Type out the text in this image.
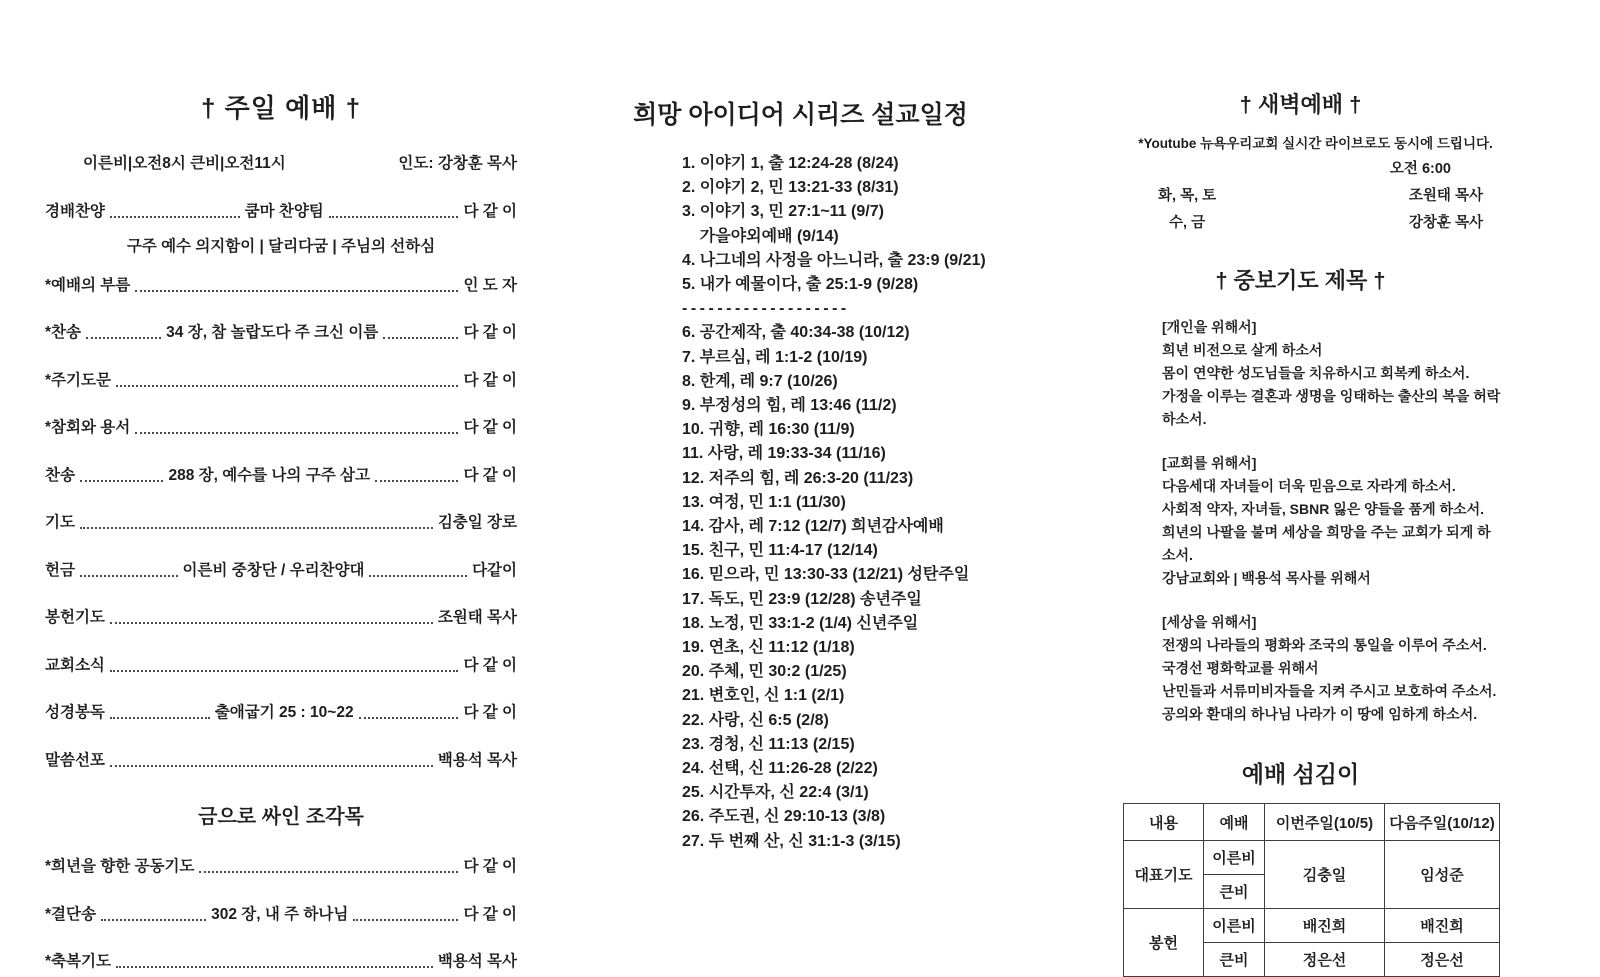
† 주일 예배 †
이른비|오전8시 큰비|오전11시	인도: 강창훈 목사
경배찬양	쿰마 찬양팀	다 같 이
구주 예수 의지함이 | 달리다굼 | 주님의 선하심
*예배의 부름	인 도 자
*찬송	34 장, 참 놀랍도다 주 크신 이름	다 같 이
*주기도문	다 같 이
*참회와 용서	다 같 이
찬송	288 장, 예수를 나의 구주 삼고	다 같 이
기도	김충일 장로
헌금	이른비 중창단 / 우리찬양대	다같이
봉헌기도	조원태 목사
교회소식	다 같 이
성경봉독	출애굽기 25 : 10~22	다 같 이
말씀선포	백용석 목사
금으로 싸인 조각목
*희년을 향한 공동기도	다 같 이
*결단송	302 장, 내 주 하나님	다 같 이
*축복기도	백용석 목사
희망 아이디어 시리즈 설교일정
1. 이야기 1, 출 12:24-28 (8/24)
2. 이야기 2, 민 13:21-33 (8/31)
3. 이야기 3, 민 27:1~11 (9/7)
가을야외예배 (9/14)
4. 나그네의 사정을 아느니라, 출 23:9 (9/21)
5. 내가 예물이다, 출 25:1-9 (9/28)
-------------------
6. 공간제작, 출 40:34-38 (10/12)
7. 부르심, 레 1:1-2 (10/19)
8. 한계, 레 9:7 (10/26)
9. 부정성의 힘, 레 13:46 (11/2)
10. 귀향, 레 16:30 (11/9)
11. 사랑, 레 19:33-34 (11/16)
12. 저주의 힘, 레 26:3-20 (11/23)
13. 여정, 민 1:1 (11/30)
14. 감사, 레 7:12 (12/7) 희년감사예배
15. 친구, 민 11:4-17 (12/14)
16. 믿으라, 민 13:30-33 (12/21) 성탄주일
17. 독도, 민 23:9 (12/28) 송년주일
18. 노정, 민 33:1-2 (1/4) 신년주일
19. 연초, 신 11:12 (1/18)
20. 주체, 민 30:2 (1/25)
21. 변호인, 신 1:1 (2/1)
22. 사랑, 신 6:5 (2/8)
23. 경청, 신 11:13 (2/15)
24. 선택, 신 11:26-28 (2/22)
25. 시간투자, 신 22:4 (3/1)
26. 주도권, 신 29:10-13 (3/8)
27. 두 번째 산, 신 31:1-3 (3/15)
† 새벽예배 †
*Youtube 뉴욕우리교회 실시간 라이브로도 동시에 드립니다.
오전 6:00
화, 목, 토	조원태 목사
수, 금	강창훈 목사
† 중보기도 제목 †
[개인을 위해서]
희년 비전으로 살게 하소서
몸이 연약한 성도님들을 치유하시고 회복케 하소서.
가정을 이루는 결혼과 생명을 잉태하는 출산의 복을 허락하소서.
[교회를 위해서]
다음세대 자녀들이 더욱 믿음으로 자라게 하소서.
사회적 약자, 자녀들, SBNR 잃은 양들을 품게 하소서.
희년의 나팔을 불며 세상을 희망을 주는 교회가 되게 하소서.
강남교회와 | 백용석 목사를 위해서
[세상을 위해서]
전쟁의 나라들의 평화와 조국의 통일을 이루어 주소서.
국경선 평화학교를 위해서
난민들과 서류미비자들을 지켜 주시고 보호하여 주소서.
공의와 환대의 하나님 나라가 이 땅에 임하게 하소서.
예배 섬김이
내용	예배	이번주일(10/5)	다음주일(10/12)
대표기도	이른비	김충일	임성준
	큰비		
봉헌	이른비	배진희	배진희
	큰비	정은선	정은선
